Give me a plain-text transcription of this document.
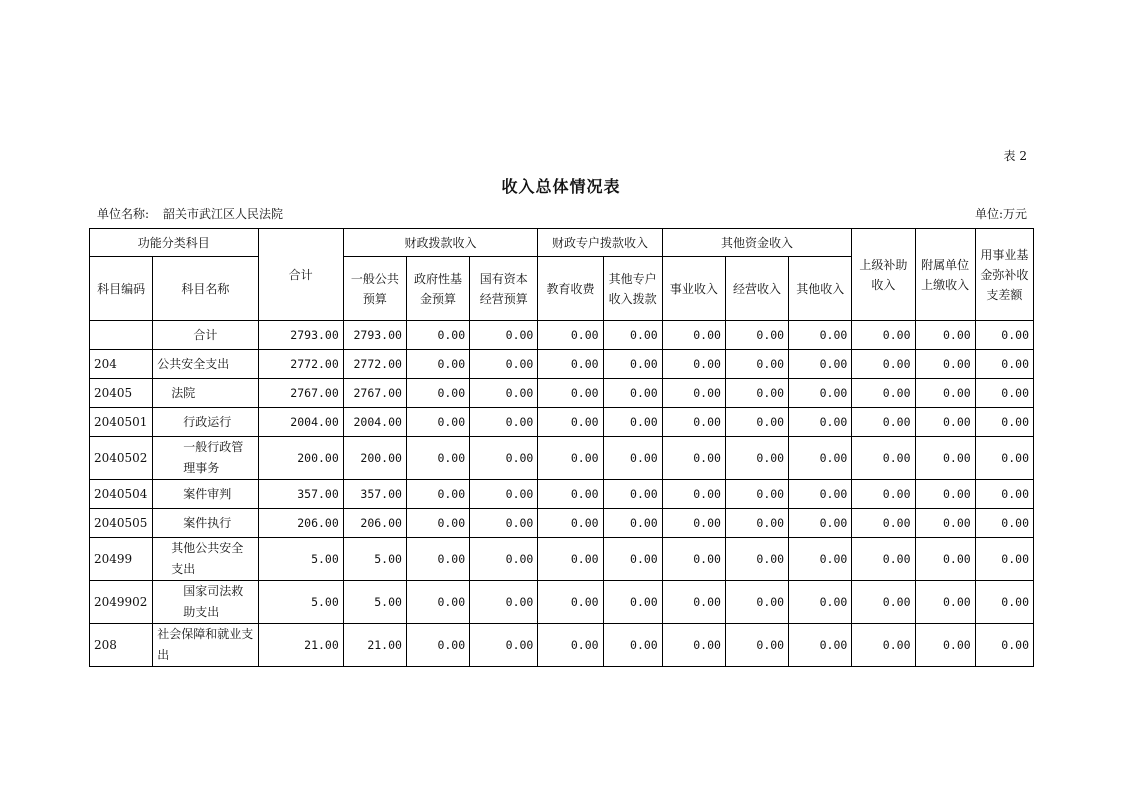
表 2
收入总体情况表
单位名称: 韶关市武江区人民法院	单位:万元
功能分类科目		合计	财政拨款收入			财政专户拨款收入		其他资金收入			上级补助收入	附属单位上缴收入	用事业基金弥补收支差额
科目编码	科目名称		一般公共预算	政府性基金预算	国有资本经营预算	教育收费	其他专户收入拨款	事业收入	经营收入	其他收入			
	合计	2793.00	2793.00	0.00	0.00	0.00	0.00	0.00	0.00	0.00	0.00	0.00	0.00
204	公共安全支出	2772.00	2772.00	0.00	0.00	0.00	0.00	0.00	0.00	0.00	0.00	0.00	0.00
20405	法院	2767.00	2767.00	0.00	0.00	0.00	0.00	0.00	0.00	0.00	0.00	0.00	0.00
2040501	行政运行	2004.00	2004.00	0.00	0.00	0.00	0.00	0.00	0.00	0.00	0.00	0.00	0.00
2040502	一般行政管理事务	200.00	200.00	0.00	0.00	0.00	0.00	0.00	0.00	0.00	0.00	0.00	0.00
2040504	案件审判	357.00	357.00	0.00	0.00	0.00	0.00	0.00	0.00	0.00	0.00	0.00	0.00
2040505	案件执行	206.00	206.00	0.00	0.00	0.00	0.00	0.00	0.00	0.00	0.00	0.00	0.00
20499	其他公共安全支出	5.00	5.00	0.00	0.00	0.00	0.00	0.00	0.00	0.00	0.00	0.00	0.00
2049902	国家司法救助支出	5.00	5.00	0.00	0.00	0.00	0.00	0.00	0.00	0.00	0.00	0.00	0.00
208	社会保障和就业支出	21.00	21.00	0.00	0.00	0.00	0.00	0.00	0.00	0.00	0.00	0.00	0.00
